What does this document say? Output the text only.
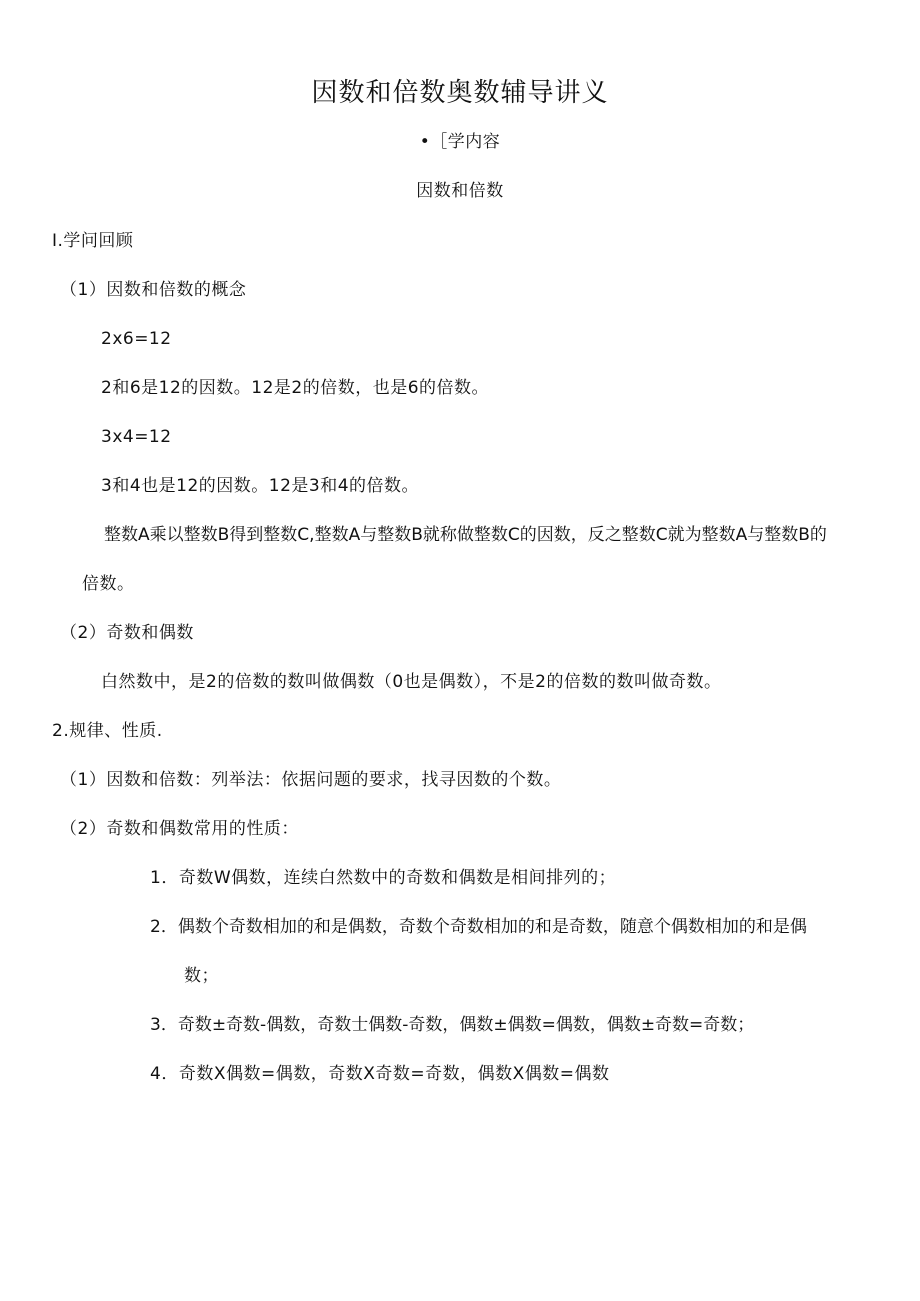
因数和倍数奥数辅导讲义
•［学内容
因数和倍数
I.学问回顾
（1）因数和倍数的概念
2x6=12
2和6是12的因数。12是2的倍数，也是6的倍数。
3x4=12
3和4也是12的因数。12是3和4的倍数。
整数A乘以整数B得到整数C,整数A与整数B就称做整数C的因数，反之整数C就为整数A与整数B的
倍数。
（2）奇数和偶数
白然数中，是2的倍数的数叫做偶数（0也是偶数），不是2的倍数的数叫做奇数。
2.规律、性质.
（1）因数和倍数：列举法：依据问题的要求，找寻因数的个数。
（2）奇数和偶数常用的性质：
1．奇数W偶数，连续白然数中的奇数和偶数是相间排列的；
2．偶数个奇数相加的和是偶数，奇数个奇数相加的和是奇数，随意个偶数相加的和是偶
数；
3．奇数±奇数-偶数，奇数士偶数-奇数，偶数±偶数=偶数，偶数±奇数=奇数；
4．奇数X偶数=偶数，奇数X奇数=奇数，偶数X偶数=偶数
